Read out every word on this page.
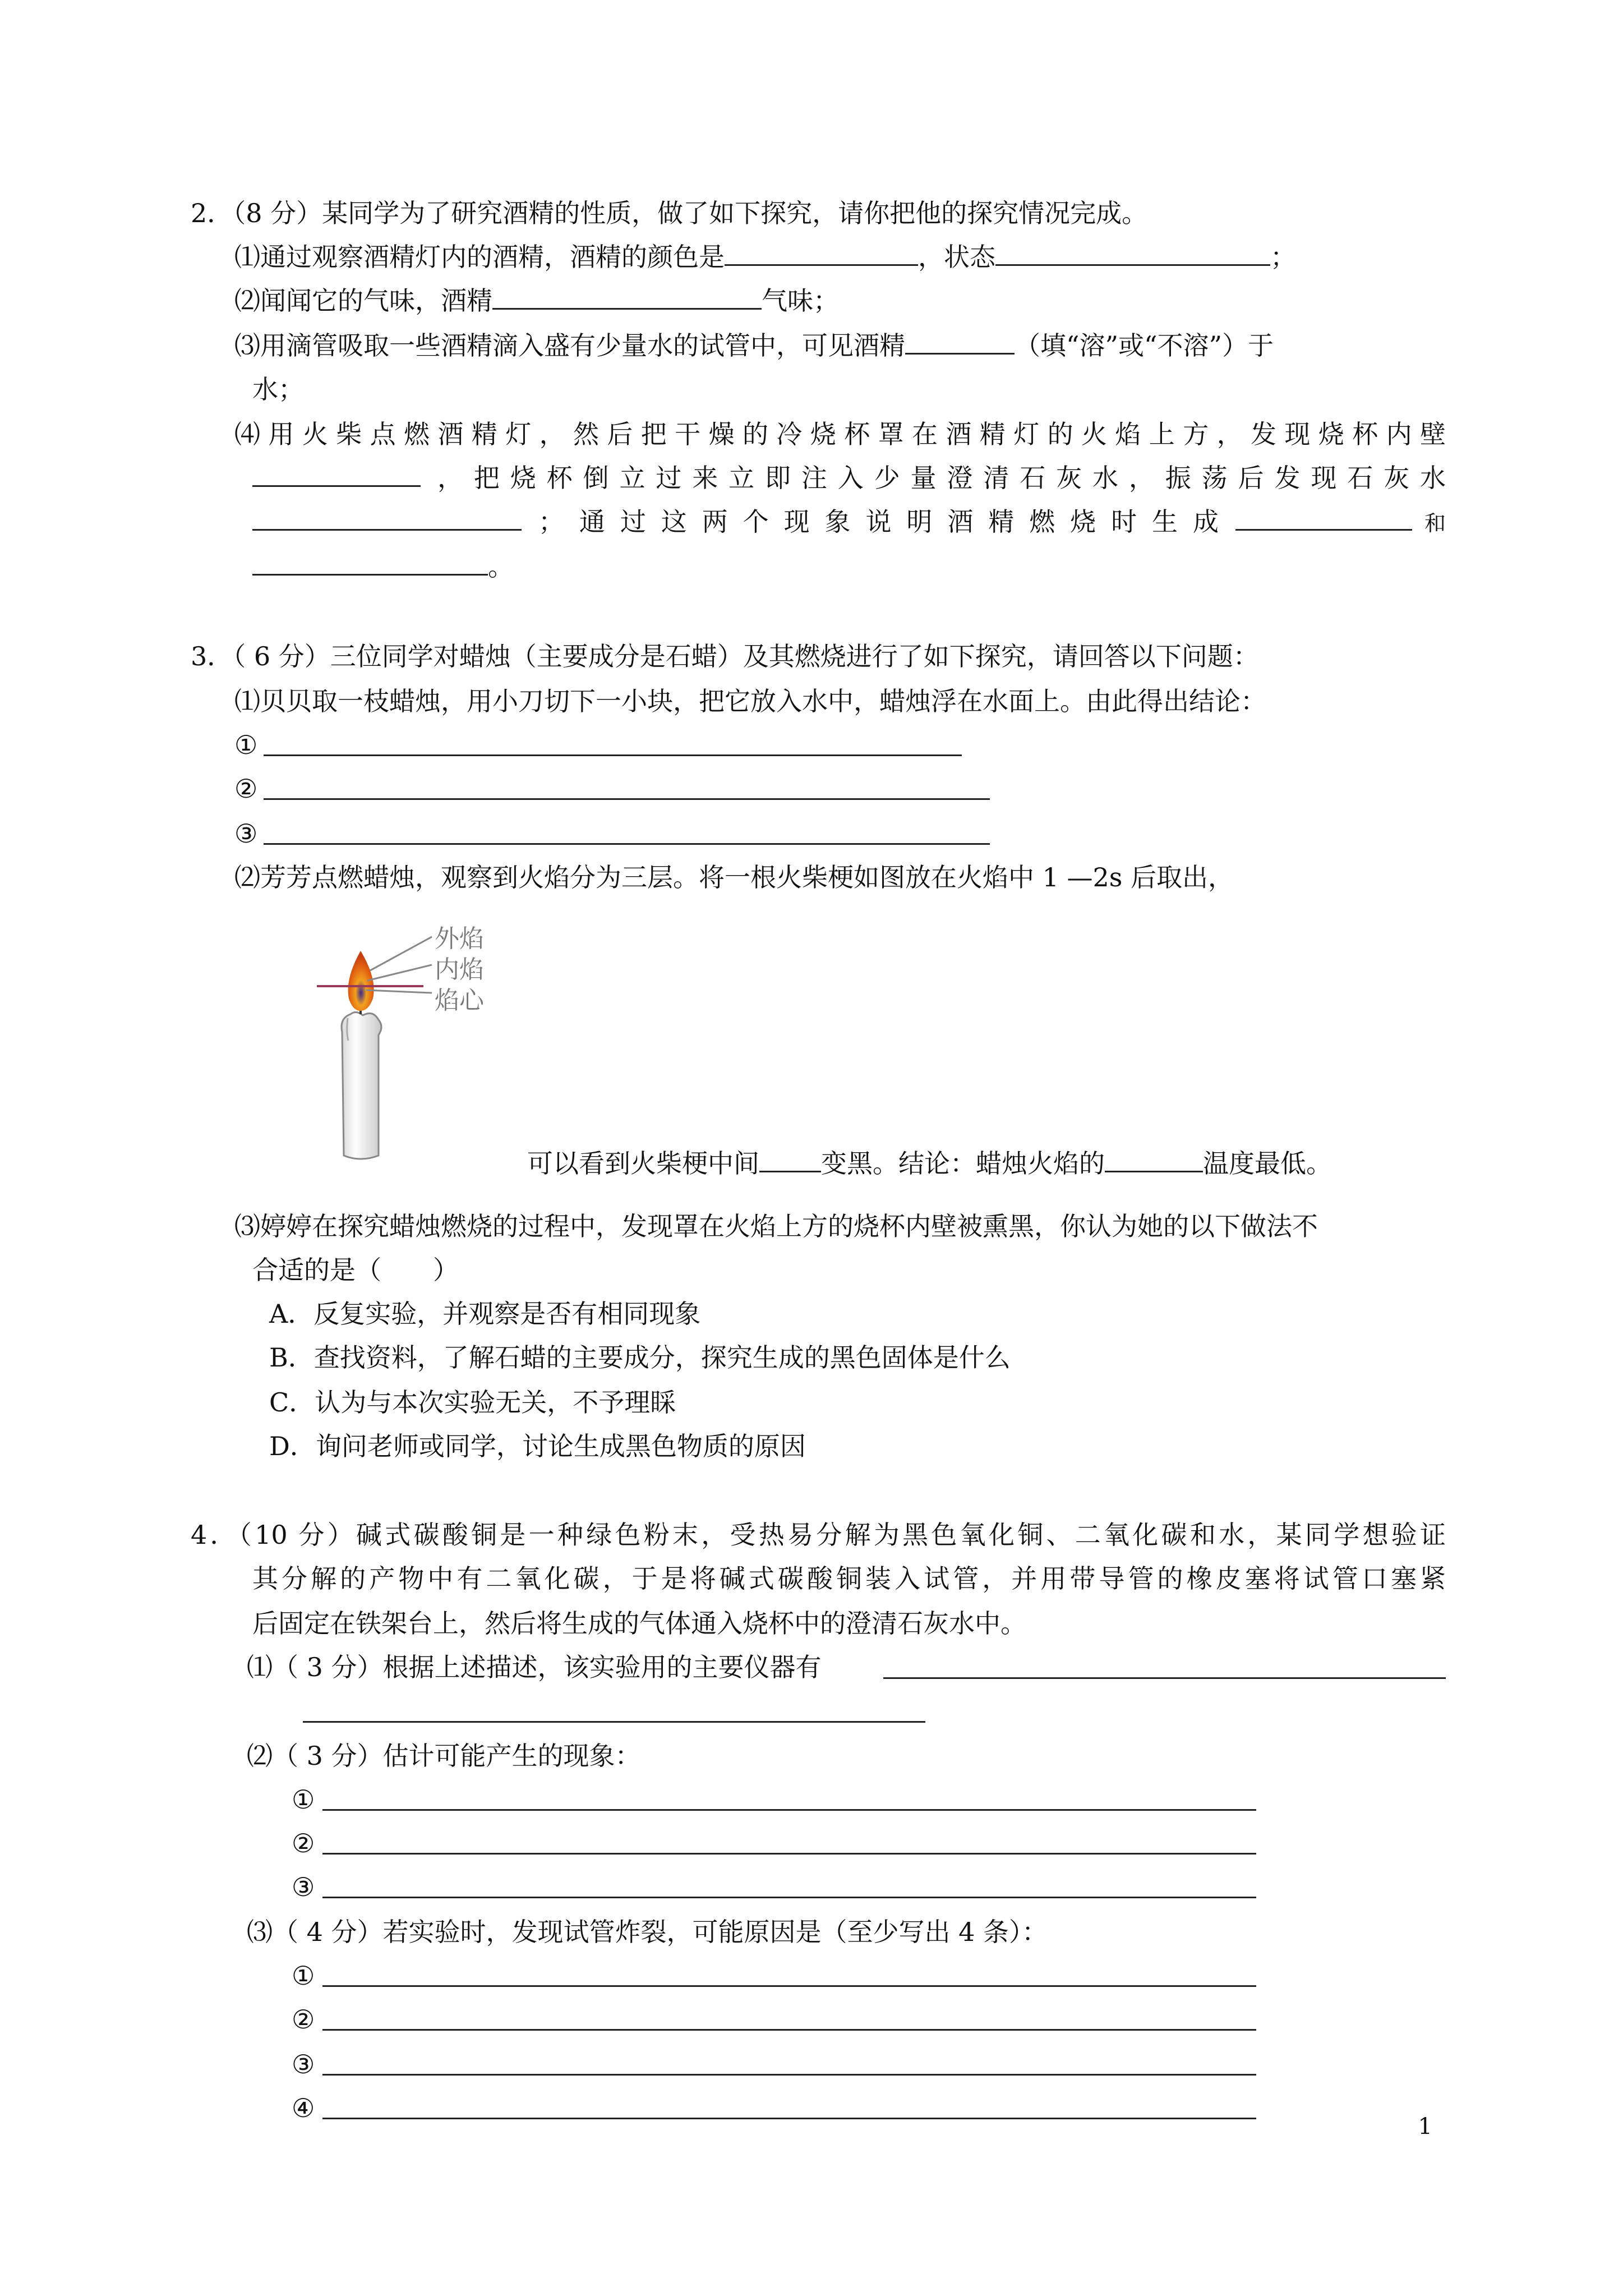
2．（8 分）某同学为了研究酒精的性质，做了如下探究，请你把他的探究情况完成。
⑴通过观察酒精灯内的酒精，酒精的颜色是	，状态	；
⑵闻闻它的气味，酒精	气味；
⑶用滴管吸取一些酒精滴入盛有少量水的试管中，可见酒精	（填“溶”或“不溶”）于
水；
⑷用火柴点燃酒精灯，然后把干燥的冷烧杯罩在酒精灯的火焰上方，发现烧杯内壁
，把烧杯倒立过来立即注入少量澄清石灰水，振荡后发现石灰水
；通过这两个现象说明酒精燃烧时生成	和
。
3．（ 6 分）三位同学对蜡烛（主要成分是石蜡）及其燃烧进行了如下探究，请回答以下问题：
⑴贝贝取一枝蜡烛，用小刀切下一小块，把它放入水中，蜡烛浮在水面上。由此得出结论：
①
②
③
⑵芳芳点燃蜡烛，观察到火焰分为三层。将一根火柴梗如图放在火焰中 1 —2s 后取出，
外焰
内焰
焰心
可以看到火柴梗中间 变黑。结论：蜡烛火焰的	温度最低。
⑶婷婷在探究蜡烛燃烧的过程中，发现罩在火焰上方的烧杯内壁被熏黑，你认为她的以下做法不
合适的是（　　）
A．反复实验，并观察是否有相同现象
B．查找资料，了解石蜡的主要成分，探究生成的黑色固体是什么
C．认为与本次实验无关，不予理睬
D．询问老师或同学，讨论生成黑色物质的原因
4．（10 分）碱式碳酸铜是一种绿色粉末，受热易分解为黑色氧化铜、二氧化碳和水，某同学想验证
其分解的产物中有二氧化碳，于是将碱式碳酸铜装入试管，并用带导管的橡皮塞将试管口塞紧
后固定在铁架台上，然后将生成的气体通入烧杯中的澄清石灰水中。
⑴（ 3 分）根据上述描述，该实验用的主要仪器有
⑵（ 3 分）估计可能产生的现象：
①
②
③
⑶（ 4 分）若实验时，发现试管炸裂，可能原因是（至少写出 4 条）：
①
②
③
④
1
